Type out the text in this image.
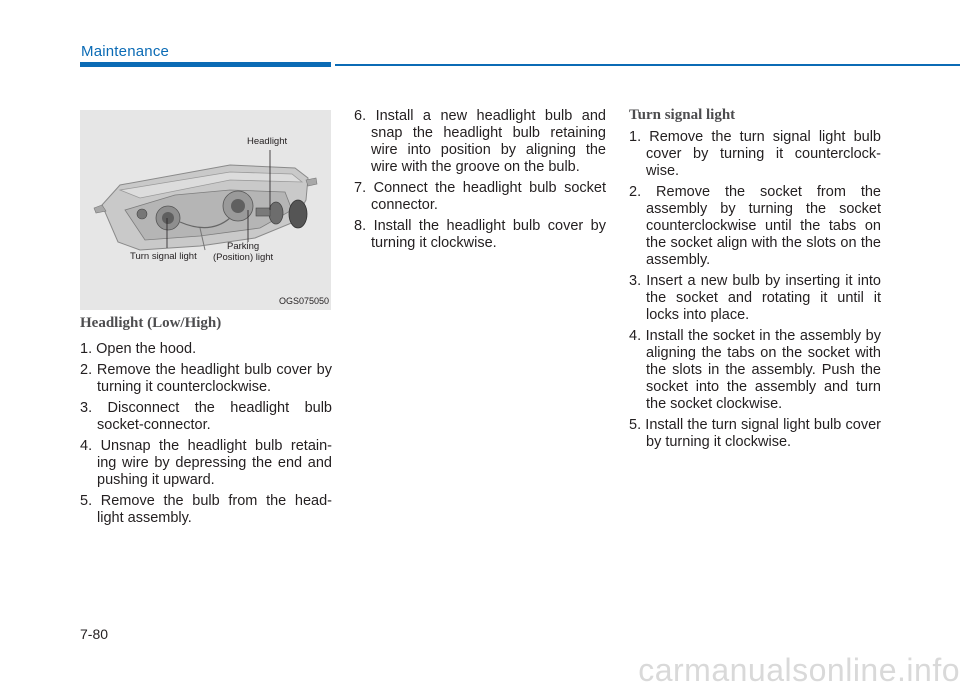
Maintenance
Headlight
Parking
(Position) light
Turn signal light
OGS075050
Headlight (Low/High)
1. Open the hood.
2. Remove the headlight bulb cover by turning it counterclockwise.
3. Disconnect the headlight bulb socket-connector.
4. Unsnap the headlight bulb retain- ing wire by depressing the end and pushing it upward.
5. Remove the bulb from the head- light assembly.
6. Install a new headlight bulb and snap the headlight bulb retaining wire into position by aligning the wire with the groove on the bulb.
7. Connect the headlight bulb socket connector.
8. Install the headlight bulb cover by turning it clockwise.
Turn signal light
1. Remove the turn signal light bulb cover by turning it counterclock- wise.
2. Remove the socket from the assembly by turning the socket counterclockwise until the tabs on the socket align with the slots on the assembly.
3. Insert a new bulb by inserting it into the socket and rotating it until it locks into place.
4. Install the socket in the assembly by aligning the tabs on the socket with the slots in the assembly. Push the socket into the assembly and turn the socket clockwise.
5. Install the turn signal light bulb cover by turning it clockwise.
7-80
carmanualsonline.info
